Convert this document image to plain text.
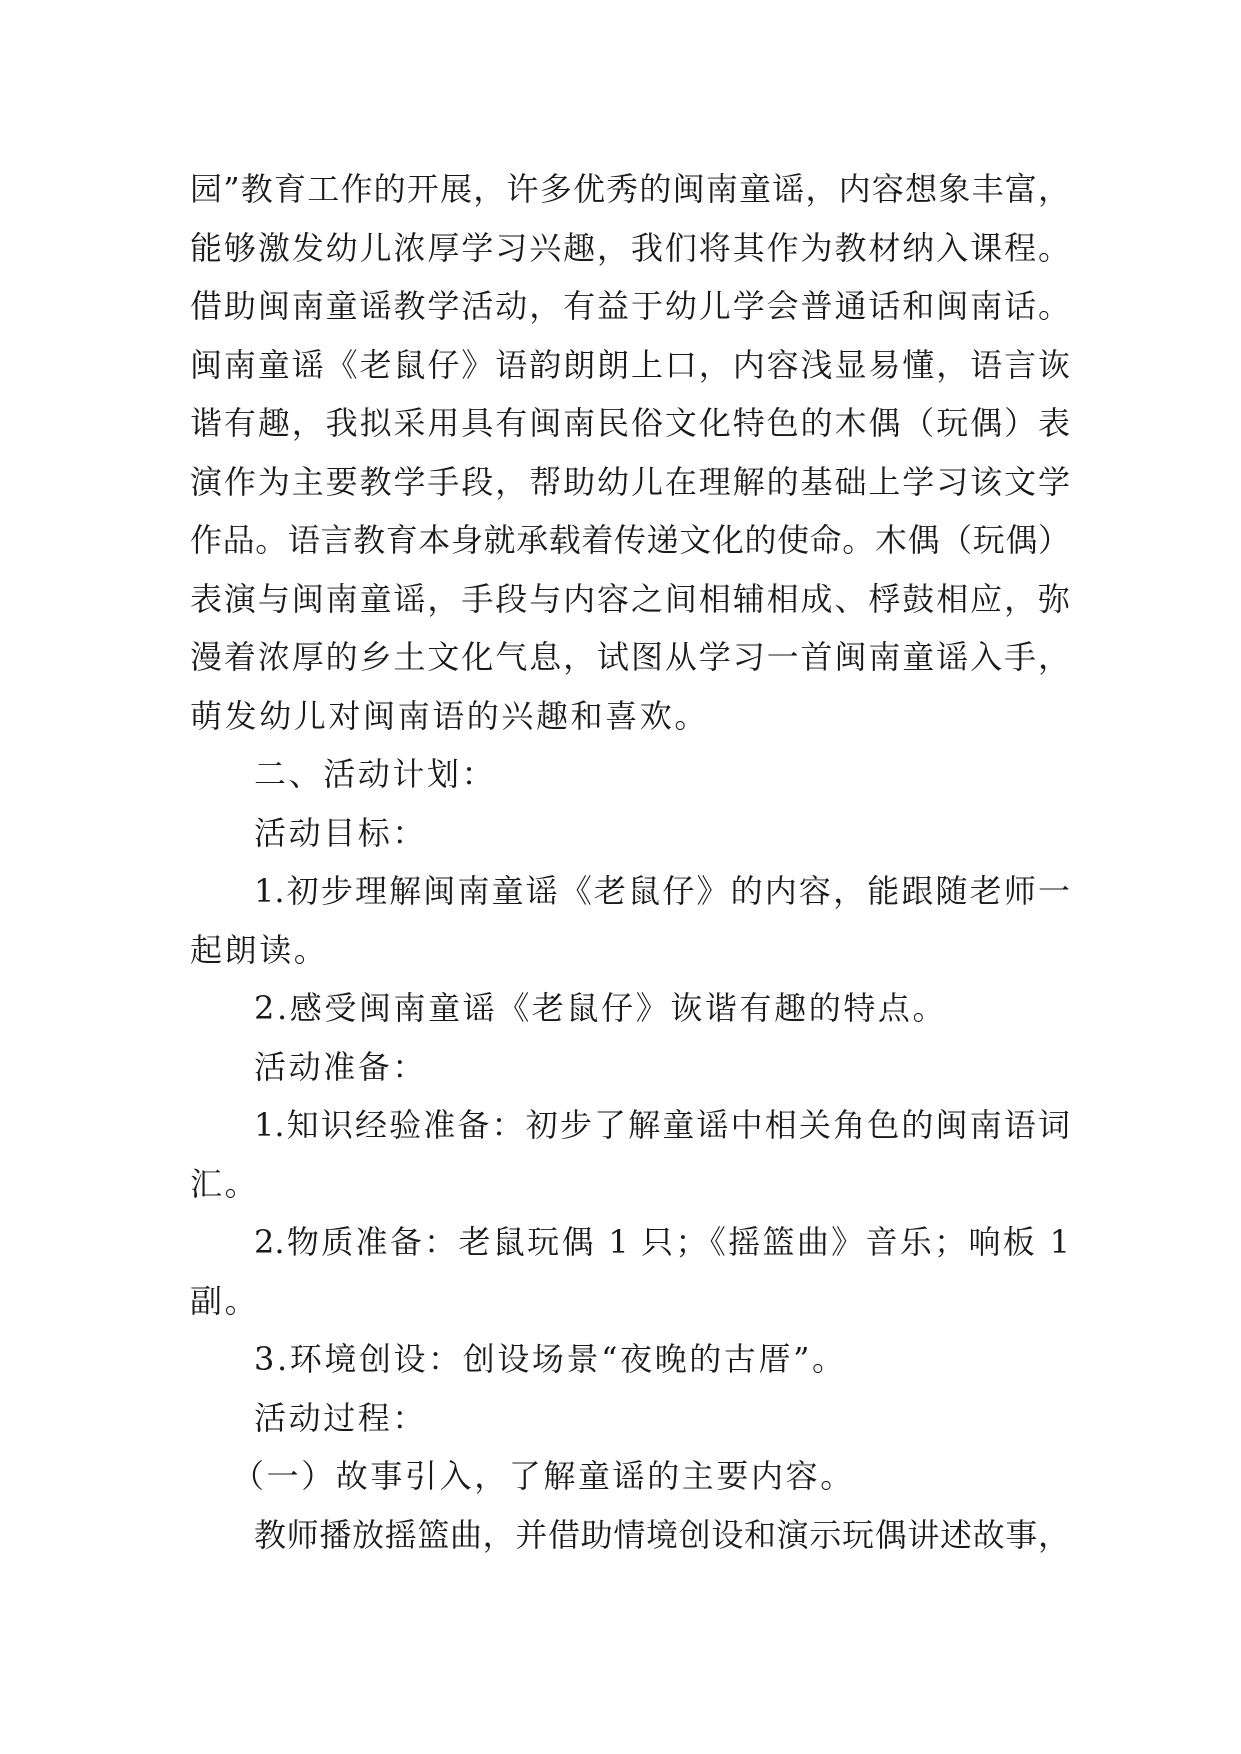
园”教育工作的开展，许多优秀的闽南童谣，内容想象丰富，
能够激发幼儿浓厚学习兴趣，我们将其作为教材纳入课程。
借助闽南童谣教学活动，有益于幼儿学会普通话和闽南话。
闽南童谣《老鼠仔》语韵朗朗上口，内容浅显易懂，语言诙
谐有趣，我拟采用具有闽南民俗文化特色的木偶（玩偶）表
演作为主要教学手段，帮助幼儿在理解的基础上学习该文学
作品。语言教育本身就承载着传递文化的使命。木偶（玩偶）
表演与闽南童谣，手段与内容之间相辅相成、桴鼓相应，弥
漫着浓厚的乡土文化气息，试图从学习一首闽南童谣入手，
萌发幼儿对闽南语的兴趣和喜欢。
二、活动计划：
活动目标：
1.初步理解闽南童谣《老鼠仔》的内容，能跟随老师一
起朗读。
2.感受闽南童谣《老鼠仔》诙谐有趣的特点。
活动准备：
1.知识经验准备：初步了解童谣中相关角色的闽南语词
汇。
2.物质准备：老鼠玩偶 1 只；《摇篮曲》音乐；响板 1
副。
3.环境创设：创设场景“夜晚的古厝”。
活动过程：
（一）故事引入，了解童谣的主要内容。
教师播放摇篮曲，并借助情境创设和演示玩偶讲述故事，
